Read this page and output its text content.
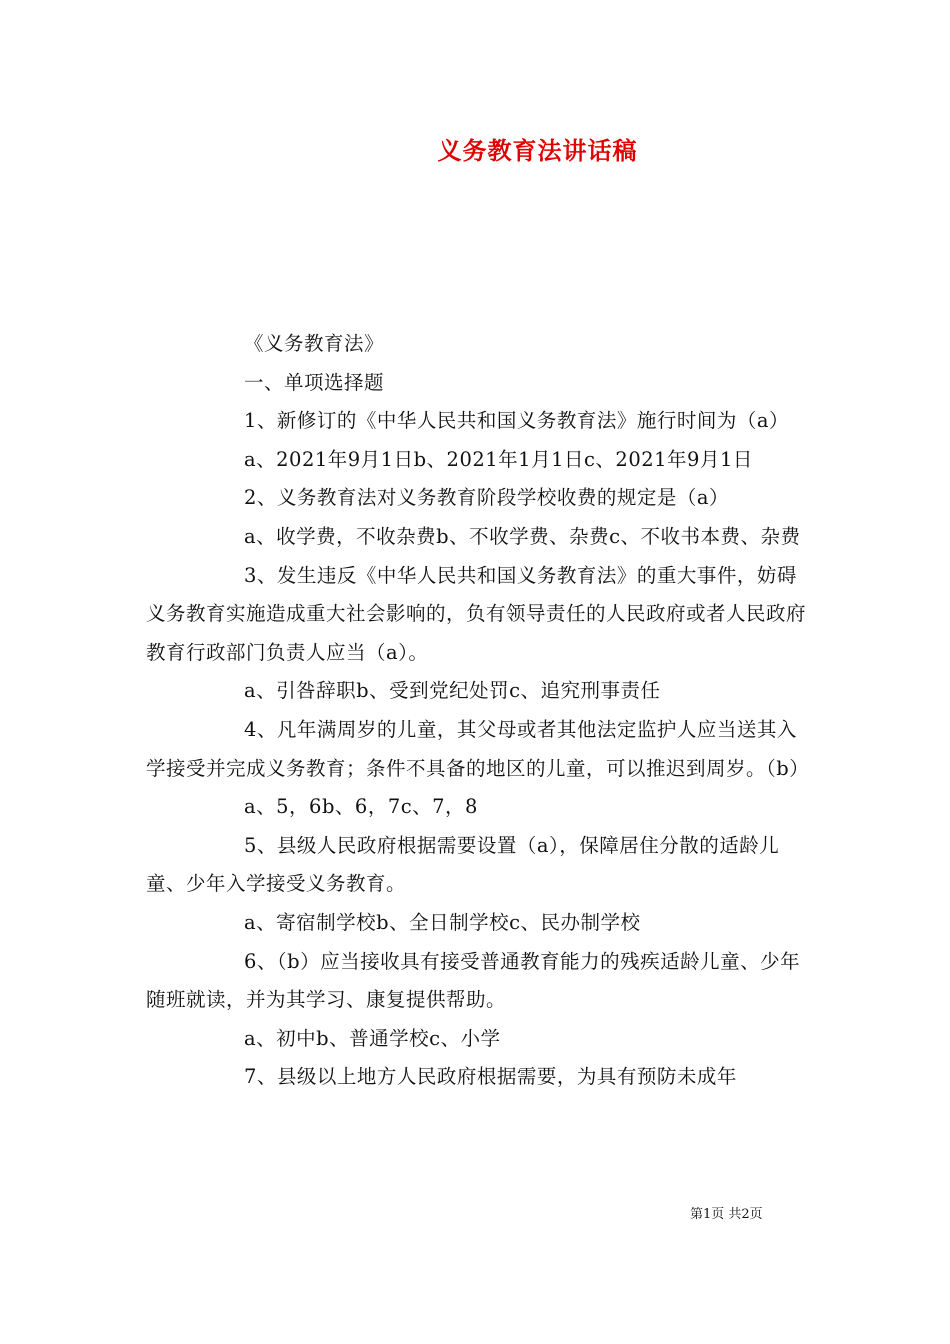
义务教育法讲话稿

《义务教育法》

一、单项选择题

1、新修订的《中华人民共和国义务教育法》施行时间为（a）

a、2021年9月1日b、2021年1月1日c、2021年9月1日

2、义务教育法对义务教育阶段学校收费的规定是（a）

a、收学费，不收杂费b、不收学费、杂费c、不收书本费、杂费

3、发生违反《中华人民共和国义务教育法》的重大事件，妨碍义务教育实施造成重大社会影响的，负有领导责任的人民政府或者人民政府教育行政部门负责人应当（a）。

a、引咎辞职b、受到党纪处罚c、追究刑事责任

4、凡年满周岁的儿童，其父母或者其他法定监护人应当送其入学接受并完成义务教育；条件不具备的地区的儿童，可以推迟到周岁。（b）

a、5，6b、6，7c、7，8

5、县级人民政府根据需要设置（a），保障居住分散的适龄儿童、少年入学接受义务教育。

a、寄宿制学校b、全日制学校c、民办制学校

6、（b）应当接收具有接受普通教育能力的残疾适龄儿童、少年随班就读，并为其学习、康复提供帮助。

a、初中b、普通学校c、小学

7、县级以上地方人民政府根据需要，为具有预防未成年

第1页 共2页
